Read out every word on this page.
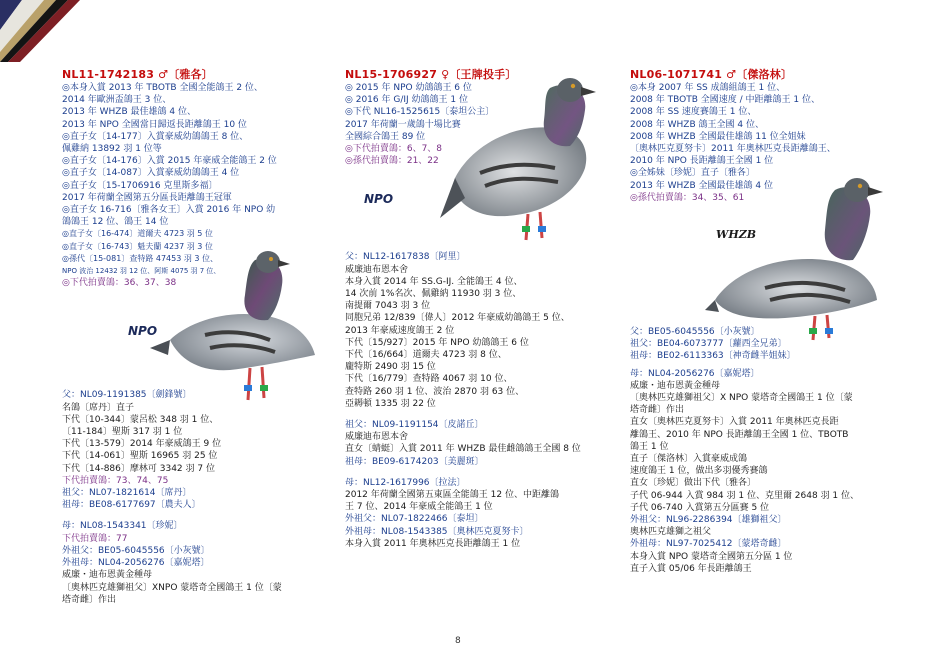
NL11-1742183 ♂〔雅各〕
◎本身入賞 2013 年 TBOTB 全國全能鴿王 2 位、
2014 年歐洲盃鴿王 3 位、
2013 年 WHZB 最佳雄鴿 4 位、
2013 年 NPO 全國當日歸返長距離鴿王 10 位
◎直子女〔14-177〕入賞豪威幼鴿鴿王 8 位、
佩雞納 13892 羽 1 位等
◎直子女〔14-176〕入賞 2015 年豪威全能鴿王 2 位
◎直子女〔14-087〕入賞豪威幼鴿鴿王 4 位
◎直子女〔15-1706916 克里斯多福〕
2017 年荷蘭全國第五分區長距離鴿王冠軍
◎直子女 16-716〔雅各女王〕入賞 2016 年 NPO 幼
鴿鴿王 12 位、鴿王 14 位
◎直子女〔16-474〕道爾夫 4723 羽 5 位
◎直子女〔16-743〕魁夫蘭 4237 羽 3 位
◎孫代〔15-081〕查特路 47453 羽 3 位、
NPO 波治 12432 羽 12 位、阿斯 4075 羽 7 位、
◎下代拍賣鴿：36、37、38
父：NL09-1191385〔劍鋒號〕
名鴿〔席丹〕直子
下代〔10-344〕蒙呂松 348 羽 1 位、
〔11-184〕聖斯 317 羽 1 位
下代〔13-579〕2014 年豪威鴿王 9 位
下代〔14-061〕聖斯 16965 羽 25 位
下代〔14-886〕摩林可 3342 羽 7 位
下代拍賣鴿：73、74、75
祖父：NL07-1821614〔席丹〕
祖母：BE08-6177697〔農夫人〕
母：NL08-1543341〔珍妮〕
下代拍賣鴿：77
外祖父：BE05-6045556〔小灰號〕
外祖母：NL04-2056276〔嘉妮塔〕
威廉・迪布恩黃金種母
〔奧林匹克雄獅祖父〕XNPO 蒙塔奇全國鴿王 1 位〔蒙
塔奇雌〕作出
NL15-1706927 ♀〔王牌投手〕
◎ 2015 年 NPO 幼鴿鴿王 6 位
◎ 2016 年 G/IJ 幼鴿鴿王 1 位
◎下代 NL16-1525615〔泰坦公主〕
2017 年荷蘭一歲鴿十場比賽
全國綜合鴿王 89 位
◎下代拍賣鴿：6、7、8
◎孫代拍賣鴿：21、22
父：NL12-1617838〔阿里〕
威廉迪布恩本舍
本身入賞 2014 年 SS.G-IJ. 全能鴿王 4 位、
14 次前 1%名次、佩雞納 11930 羽 3 位、
南提爾 7043 羽 3 位
同胞兄弟 12/839〔偉人〕2012 年豪威幼鴿鴿王 5 位、
2013 年豪威速度鴿王 2 位
下代〔15/927〕2015 年 NPO 幼鴿鴿王 6 位
下代〔16/664〕道爾夫 4723 羽 8 位、
龐特斯 2490 羽 15 位
下代〔16/779〕查特路 4067 羽 10 位、
查特路 260 羽 1 位、波治 2870 羽 63 位、
亞耨頓 1335 羽 22 位
祖父：NL09-1191154〔皮諾丘〕
威廉迪布恩本舍
直女〔蜻蜓〕入賞 2011 年 WHZB 最佳雌鴿鴿王全國 8 位
祖母：BE09-6174203〔美麗斑〕
母：NL12-1617996〔拉法〕
2012 年荷蘭全國第五東區全能鴿王 12 位、中距離鴿
王 7 位、2014 年豪威全能鴿王 1 位
外祖父：NL07-1822466〔泰坦〕
外祖母：NL08-1543385〔奧林匹克夏努卡〕
本身入賞 2011 年奧林匹克長距離鴿王 1 位
NL06-1071741 ♂〔傑洛林〕
◎本身 2007 年 SS 成鴿組鴿王 1 位、
2008 年 TBOTB 全國速度 / 中距離鴿王 1 位、
2008 年 SS 速度賽鴿王 1 位、
2008 年 WHZB 鴿王全國 4 位、
2008 年 WHZB 全國最佳雄鴿 11 位全姐妹
〔奧林匹克夏努卡〕2011 年奧林匹克長距離鴿王、
2010 年 NPO 長距離鴿王全國 1 位
◎全姊妹〔珍妮〕直子〔雅各〕
2013 年 WHZB 全國最佳雄鴿 4 位
◎孫代拍賣鴿：34、35、61
父：BE05-6045556〔小灰號〕
祖父：BE04-6073777〔蘿西全兄弟〕
祖母：BE02-6113363〔神奇雌半姐妹〕
母：NL04-2056276〔嘉妮塔〕
威廉・迪布恩黃金種母
〔奧林匹克雄獅祖父〕X NPO 蒙塔奇全國鴿王 1 位〔蒙
塔奇雌〕作出
直女〔奧林匹克夏努卡〕入賞 2011 年奧林匹克長距
離鴿王、2010 年 NPO 長距離鴿王全國 1 位、TBOTB
鴿王 1 位
直子〔傑洛林〕入賞豪威成鴿
速度鴿王 1 位，做出多羽優秀賽鴿
直女〔珍妮〕做出下代〔雅各〕
子代 06-944 入賞 984 羽 1 位、克里爾 2648 羽 1 位、
子代 06-740 入賞第五分區賽 5 位
外祖父：NL96-2286394〔雄獅祖父〕
奧林匹克雄獅之祖父
外祖母：NL97-7025412〔蒙塔奇雌〕
本身入賞 NPO 蒙塔奇全國第五分區 1 位
直子入賞 05/06 年長距離鴿王
NPO
NPO
WHZB
8
